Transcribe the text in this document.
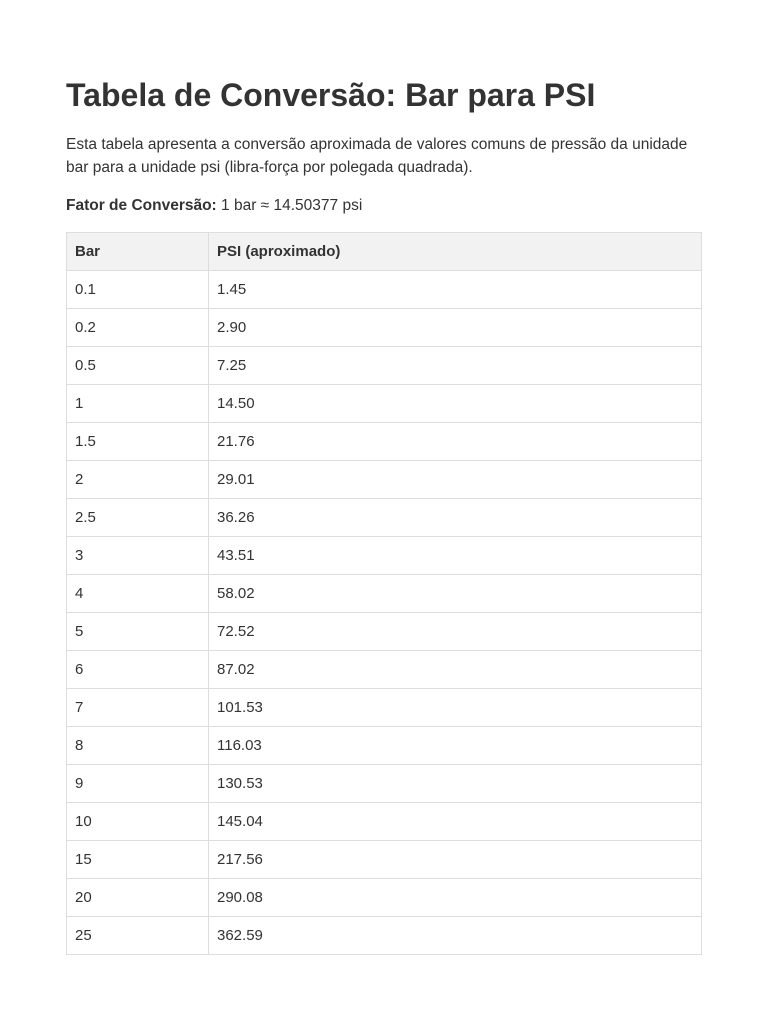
Tabela de Conversão: Bar para PSI

Esta tabela apresenta a conversão aproximada de valores comuns de pressão da unidade bar para a unidade psi (libra-força por polegada quadrada).

Fator de Conversão: 1 bar ≈ 14.50377 psi

Bar	PSI (aproximado)
0.1	1.45
0.2	2.90
0.5	7.25
1	14.50
1.5	21.76
2	29.01
2.5	36.26
3	43.51
4	58.02
5	72.52
6	87.02
7	101.53
8	116.03
9	130.53
10	145.04
15	217.56
20	290.08
25	362.59
